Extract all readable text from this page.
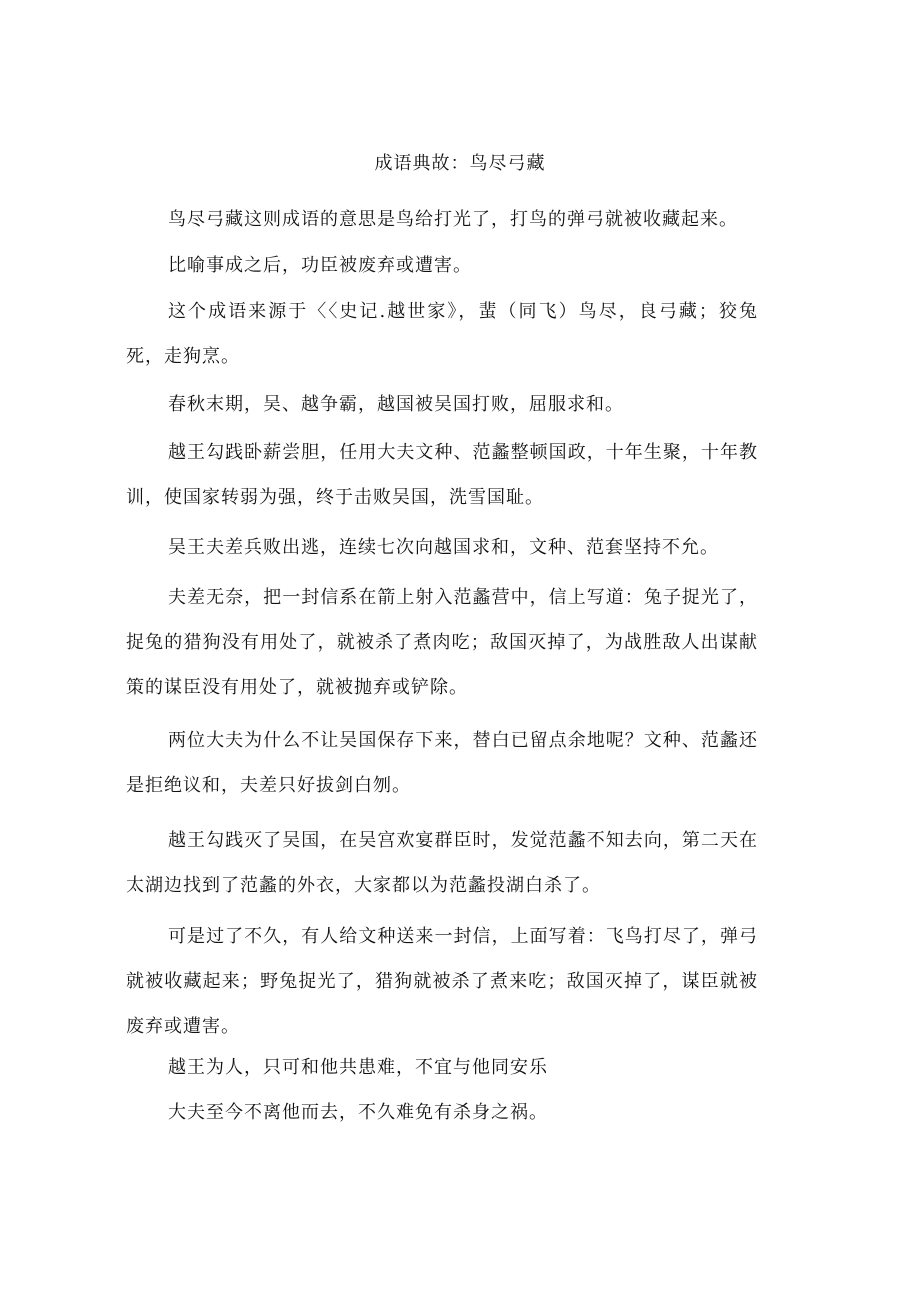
成语典故：鸟尽弓藏

鸟尽弓藏这则成语的意思是鸟给打光了，打鸟的弹弓就被收藏起来。

比喻事成之后，功臣被废弃或遭害。

这个成语来源于〈〈史记.越世家》，蜚（同飞）鸟尽，良弓藏；狡兔死，走狗烹。

春秋末期，吴、越争霸，越国被吴国打败，屈服求和。

越王勾践卧薪尝胆，任用大夫文种、范蠡整顿国政，十年生聚，十年教训，使国家转弱为强，终于击败吴国，洗雪国耻。

吴王夫差兵败出逃，连续七次向越国求和，文种、范套坚持不允。

夫差无奈，把一封信系在箭上射入范蠡营中，信上写道：兔子捉光了，捉兔的猎狗没有用处了，就被杀了煮肉吃；敌国灭掉了，为战胜敌人出谋献策的谋臣没有用处了，就被抛弃或铲除。

两位大夫为什么不让吴国保存下来，替白已留点余地呢？文种、范蠡还是拒绝议和，夫差只好拔剑白刎。

越王勾践灭了吴国，在吴宫欢宴群臣时，发觉范蠡不知去向，第二天在太湖边找到了范蠡的外衣，大家都以为范蠡投湖白杀了。

可是过了不久，有人给文种送来一封信，上面写着：飞鸟打尽了，弹弓就被收藏起来；野兔捉光了，猎狗就被杀了煮来吃；敌国灭掉了，谋臣就被废弃或遭害。

越王为人，只可和他共患难，不宜与他同安乐

大夫至今不离他而去，不久难免有杀身之祸。
